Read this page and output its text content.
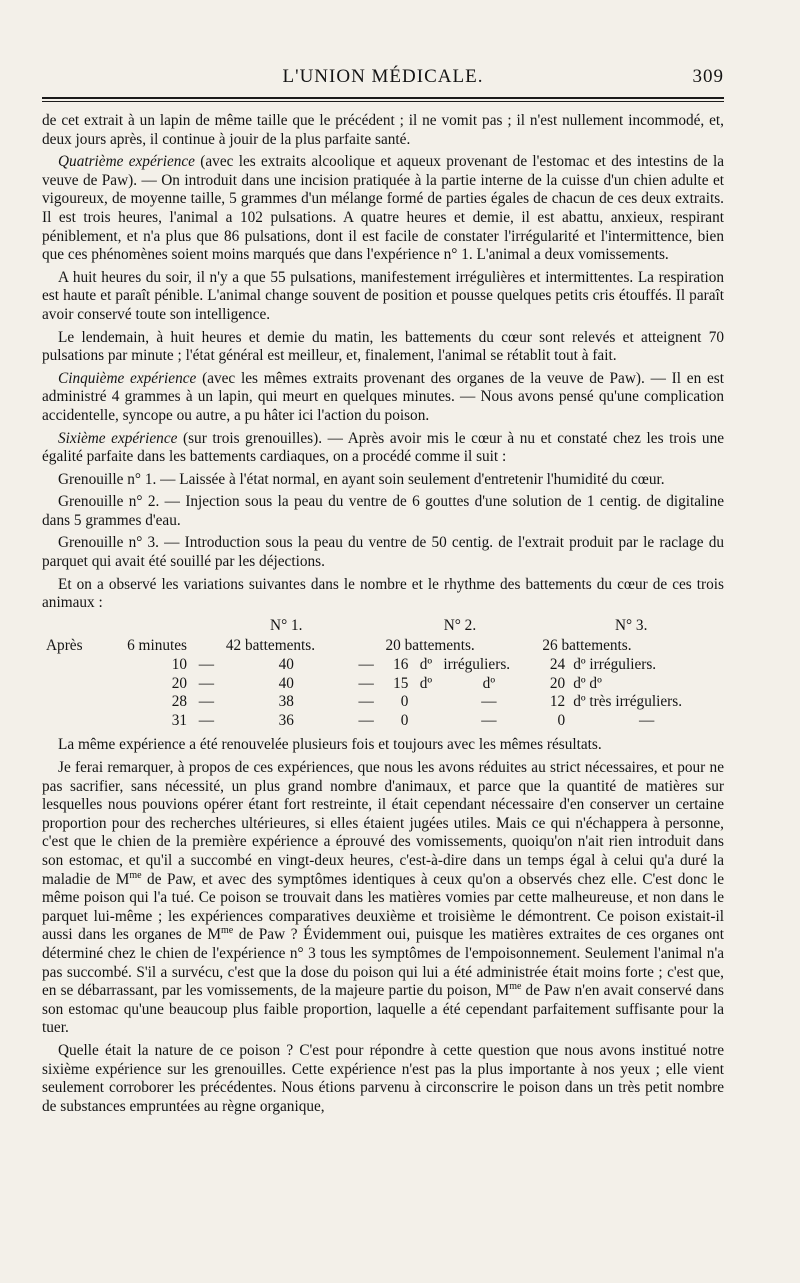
L'UNION MÉDICALE.	309

de cet extrait à un lapin de même taille que le précédent ; il ne vomit pas ; il n'est nullement incommodé, et, deux jours après, il continue à jouir de la plus parfaite santé.

Quatrième expérience (avec les extraits alcoolique et aqueux provenant de l'estomac et des intestins de la veuve de Paw). — On introduit dans une incision pratiquée à la partie interne de la cuisse d'un chien adulte et vigoureux, de moyenne taille, 5 grammes d'un mélange formé de parties égales de chacun de ces deux extraits. Il est trois heures, l'animal a 102 pulsations. A quatre heures et demie, il est abattu, anxieux, respirant péniblement, et n'a plus que 86 pulsations, dont il est facile de constater l'irrégularité et l'intermittence, bien que ces phénomènes soient moins marqués que dans l'expérience n° 1. L'animal a deux vomissements.

A huit heures du soir, il n'y a que 55 pulsations, manifestement irrégulières et intermittentes. La respiration est haute et paraît pénible. L'animal change souvent de position et pousse quelques petits cris étouffés. Il paraît avoir conservé toute son intelligence.

Le lendemain, à huit heures et demie du matin, les battements du cœur sont relevés et atteignent 70 pulsations par minute ; l'état général est meilleur, et, finalement, l'animal se rétablit tout à fait.

Cinquième expérience (avec les mêmes extraits provenant des organes de la veuve de Paw). — Il en est administré 4 grammes à un lapin, qui meurt en quelques minutes. — Nous avons pensé qu'une complication accidentelle, syncope ou autre, a pu hâter ici l'action du poison.

Sixième expérience (sur trois grenouilles). — Après avoir mis le cœur à nu et constaté chez les trois une égalité parfaite dans les battements cardiaques, on a procédé comme il suit :

Grenouille n° 1. — Laissée à l'état normal, en ayant soin seulement d'entretenir l'humidité du cœur.

Grenouille n° 2. — Injection sous la peau du ventre de 6 gouttes d'une solution de 1 centig. de digitaline dans 5 grammes d'eau.

Grenouille n° 3. — Introduction sous la peau du ventre de 50 centig. de l'extrait produit par le raclage du parquet qui avait été souillé par les déjections.

Et on a observé les variations suivantes dans le nombre et le rhythme des battements du cœur de ces trois animaux :

			N° 1.		N° 2.			N° 3.	
Après	6 minutes		42 battements.		20 battements.			26 battements.	
	10	—	40	—	16	dº	irréguliers.	24	dº irréguliers.
	20	—	40	—	15	dº	dº	20	dº dº
	28	—	38	—	0		—	12	dº très irréguliers.
	31	—	36	—	0		—	0	—

La même expérience a été renouvelée plusieurs fois et toujours avec les mêmes résultats.

Je ferai remarquer, à propos de ces expériences, que nous les avons réduites au strict nécessaires, et pour ne pas sacrifier, sans nécessité, un plus grand nombre d'animaux, et parce que la quantité de matières sur lesquelles nous pouvions opérer étant fort restreinte, il était cependant nécessaire d'en conserver un certaine proportion pour des recherches ultérieures, si elles étaient jugées utiles. Mais ce qui n'échappera à personne, c'est que le chien de la première expérience a éprouvé des vomissements, quoiqu'on n'ait rien introduit dans son estomac, et qu'il a succombé en vingt-deux heures, c'est-à-dire dans un temps égal à celui qu'a duré la maladie de $M^{me}$ de Paw, et avec des symptômes identiques à ceux qu'on a observés chez elle. C'est donc le même poison qui l'a tué. Ce poison se trouvait dans les matières vomies par cette malheureuse, et non dans le parquet lui-même ; les expériences comparatives deuxième et troisième le démontrent. Ce poison existait-il aussi dans les organes de $M^{me}$ de Paw ? Évidemment oui, puisque les matières extraites de ces organes ont déterminé chez le chien de l'expérience n° 3 tous les symptômes de l'empoisonnement. Seulement l'animal n'a pas succombé. S'il a survécu, c'est que la dose du poison qui lui a été administrée était moins forte ; c'est que, en se débarrassant, par les vomissements, de la majeure partie du poison, $M^{me}$ de Paw n'en avait conservé dans son estomac qu'une beaucoup plus faible proportion, laquelle a été cependant parfaitement suffisante pour la tuer.

Quelle était la nature de ce poison ? C'est pour répondre à cette question que nous avons institué notre sixième expérience sur les grenouilles. Cette expérience n'est pas la plus importante à nos yeux ; elle vient seulement corroborer les précédentes. Nous étions parvenu à circonscrire le poison dans un très petit nombre de substances empruntées au règne organique,
